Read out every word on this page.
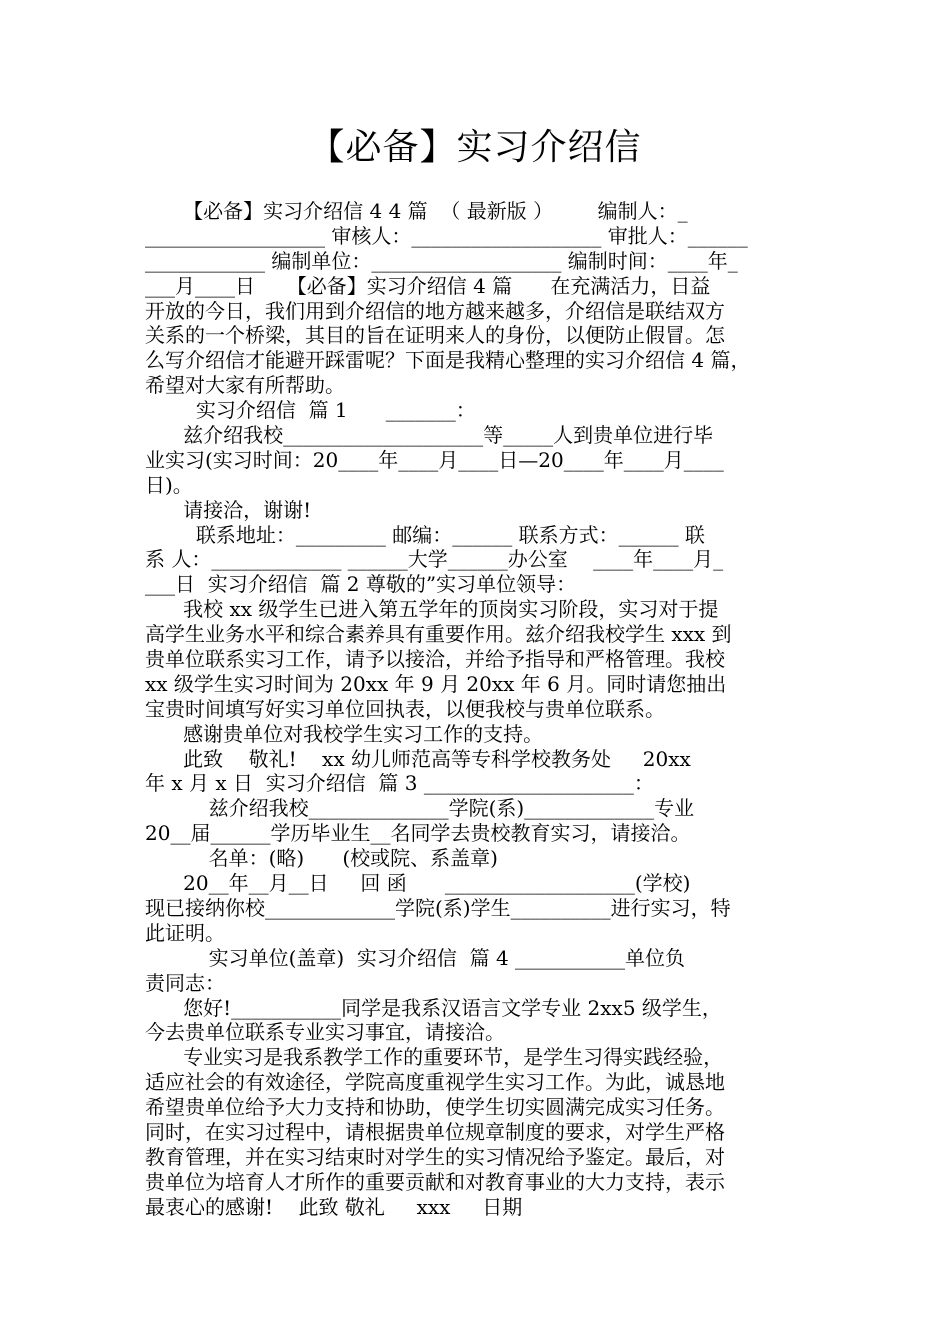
【必备】实习介绍信
【必备】实习介绍信 4 4 篇  （ 最新版 ）       编制人：_
__________________ 审核人：___________________ 审批人：______
____________ 编制单位：___________________ 编制时间：____年_
___月____日     【必备】实习介绍信 4 篇      在充满活力，日益
开放的今日，我们用到介绍信的地方越来越多，介绍信是联结双方
关系的一个桥梁，其目的旨在证明来人的身份，以便防止假冒。怎
么写介绍信才能避开踩雷呢？下面是我精心整理的实习介绍信 4 篇，
希望对大家有所帮助。
实习介绍信  篇 1      _______：
兹介绍我校____________________等_____人到贵单位进行毕
业实习(实习时间：20____年____月____日—20____年____月____
日)。
请接洽，谢谢!
联系地址：_________ 邮编：______ 联系方式：______ 联
系 人：_____________ ______大学______办公室    ____年____月_
___日  实习介绍信  篇 2 尊敬的”实习单位领导：
我校 xx 级学生已进入第五学年的顶岗实习阶段，实习对于提
高学生业务水平和综合素养具有重要作用。兹介绍我校学生 xxx 到
贵单位联系实习工作，请予以接洽，并给予指导和严格管理。我校
xx 级学生实习时间为 20xx 年 9 月 20xx 年 6 月。同时请您抽出
宝贵时间填写好实习单位回执表，以便我校与贵单位联系。
感谢贵单位对我校学生实习工作的支持。
此致    敬礼!    xx 幼儿师范高等专科学校教务处     20xx
年 x 月 x 日  实习介绍信  篇 3 _____________________：
兹介绍我校______________学院(系)_____________专业
20__届______学历毕业生__名同学去贵校教育实习，请接洽。
名单：(略)      (校或院、系盖章)
20__年__月__日     回 函      ___________________(学校)
现已接纳你校_____________学院(系)学生__________进行实习，特
此证明。
实习单位(盖章)  实习介绍信  篇 4 ___________单位负
责同志：
您好!___________同学是我系汉语言文学专业 2xx5 级学生，
今去贵单位联系专业实习事宜，请接洽。
专业实习是我系教学工作的重要环节，是学生习得实践经验，
适应社会的有效途径，学院高度重视学生实习工作。为此，诚恳地
希望贵单位给予大力支持和协助，使学生切实圆满完成实习任务。
同时，在实习过程中，请根据贵单位规章制度的要求，对学生严格
教育管理，并在实习结束时对学生的实习情况给予鉴定。最后，对
贵单位为培育人才所作的重要贡献和对教育事业的大力支持，表示
最衷心的感谢!    此致 敬礼     xxx     日期
